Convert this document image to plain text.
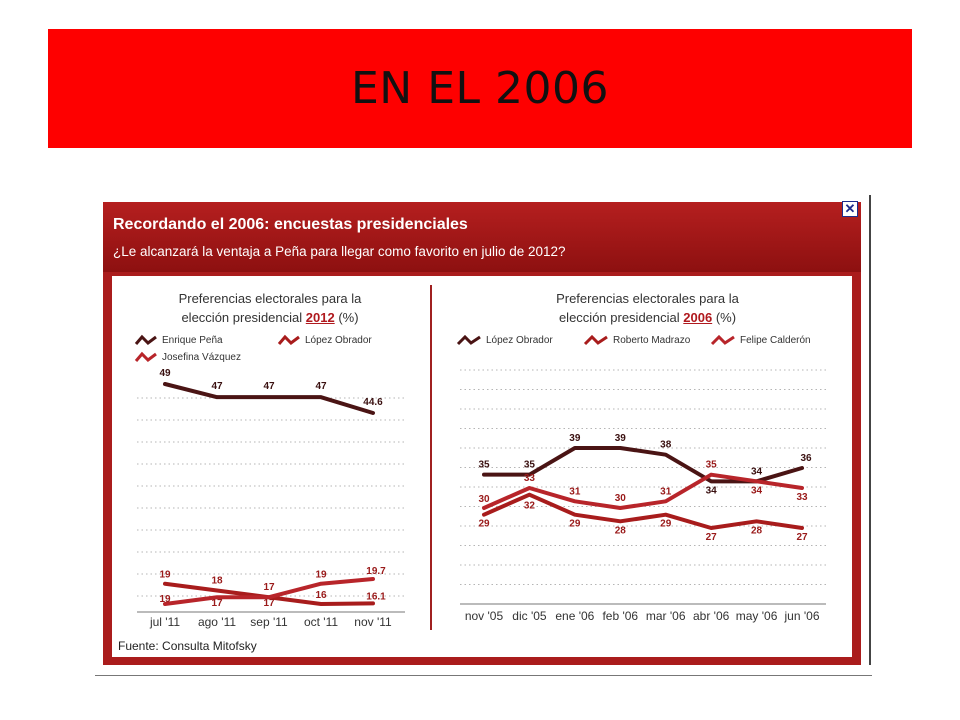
EN EL 2006
Recordando el 2006: encuestas presidenciales
¿Le alcanzará la ventaja a Peña para llegar como favorito en julio de 2012?
✕
Preferencias electorales para la
elección presidencial 2012 (%)
Enrique Peña	López Obrador
Josefina Vázquez
Preferencias electorales para la
elección presidencial 2006 (%)
López Obrador	Roberto Madrazo	Felipe Calderón
jul '11 ago '11 sep '11 oct '11 nov '11
49
47	47	47
44.6
19
18
17
16	16.1
19	17	17
19	19.7
nov '05 dic '05 ene '06 feb '06 mar '06 abr '06 may '06 jun '06
35	35
39	39
38
34
34
36
29
32
29
28
29
27
28
27
30
33
31
30
31
35
34
33
Fuente: Consulta Mitofsky
